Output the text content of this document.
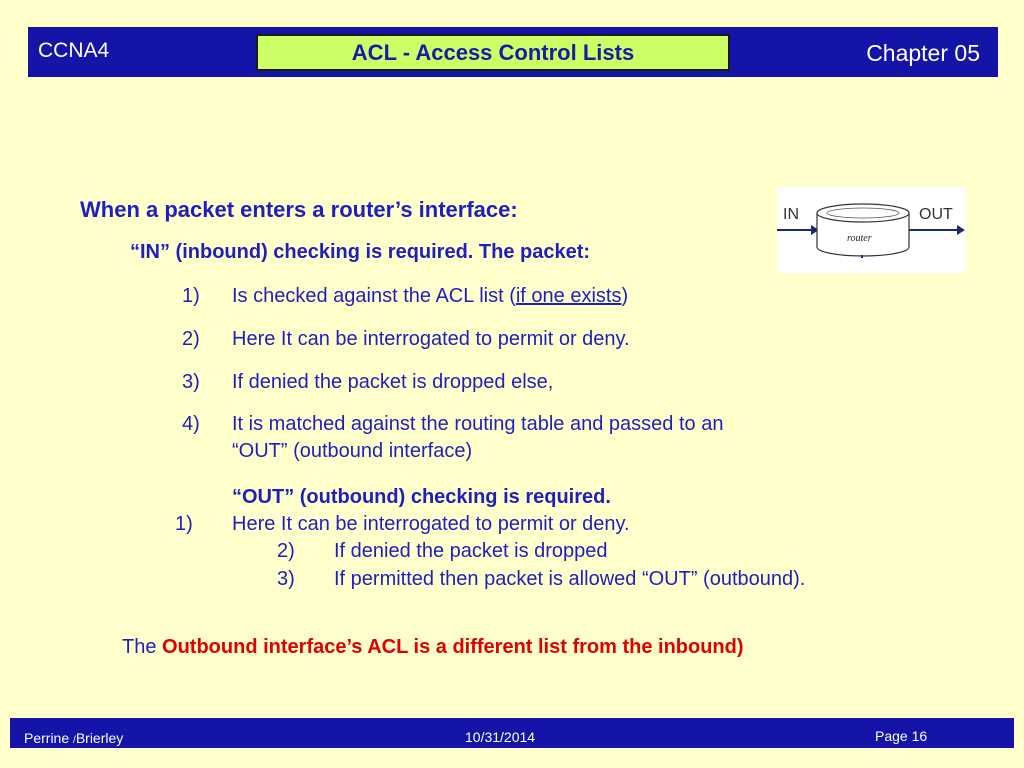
CCNA4	ACL - Access Control Lists	Chapter 05
When a packet enters a router’s interface:
“IN” (inbound) checking is required. The packet:
1) Is checked against the ACL list (if one exists)
2) Here It can be interrogated to permit or deny.
3) If denied the packet is dropped else,
4) It is matched against the routing table and passed to an
“OUT” (outbound interface)
“OUT” (outbound) checking is required.
1) Here It can be interrogated to permit or deny.
2) If denied the packet is dropped
3) If permitted then packet is allowed “OUT” (outbound).
The Outbound interface’s ACL is a different list from the inbound)
IN	OUT
router
Perrine /Brierley	10/31/2014	Page 16
